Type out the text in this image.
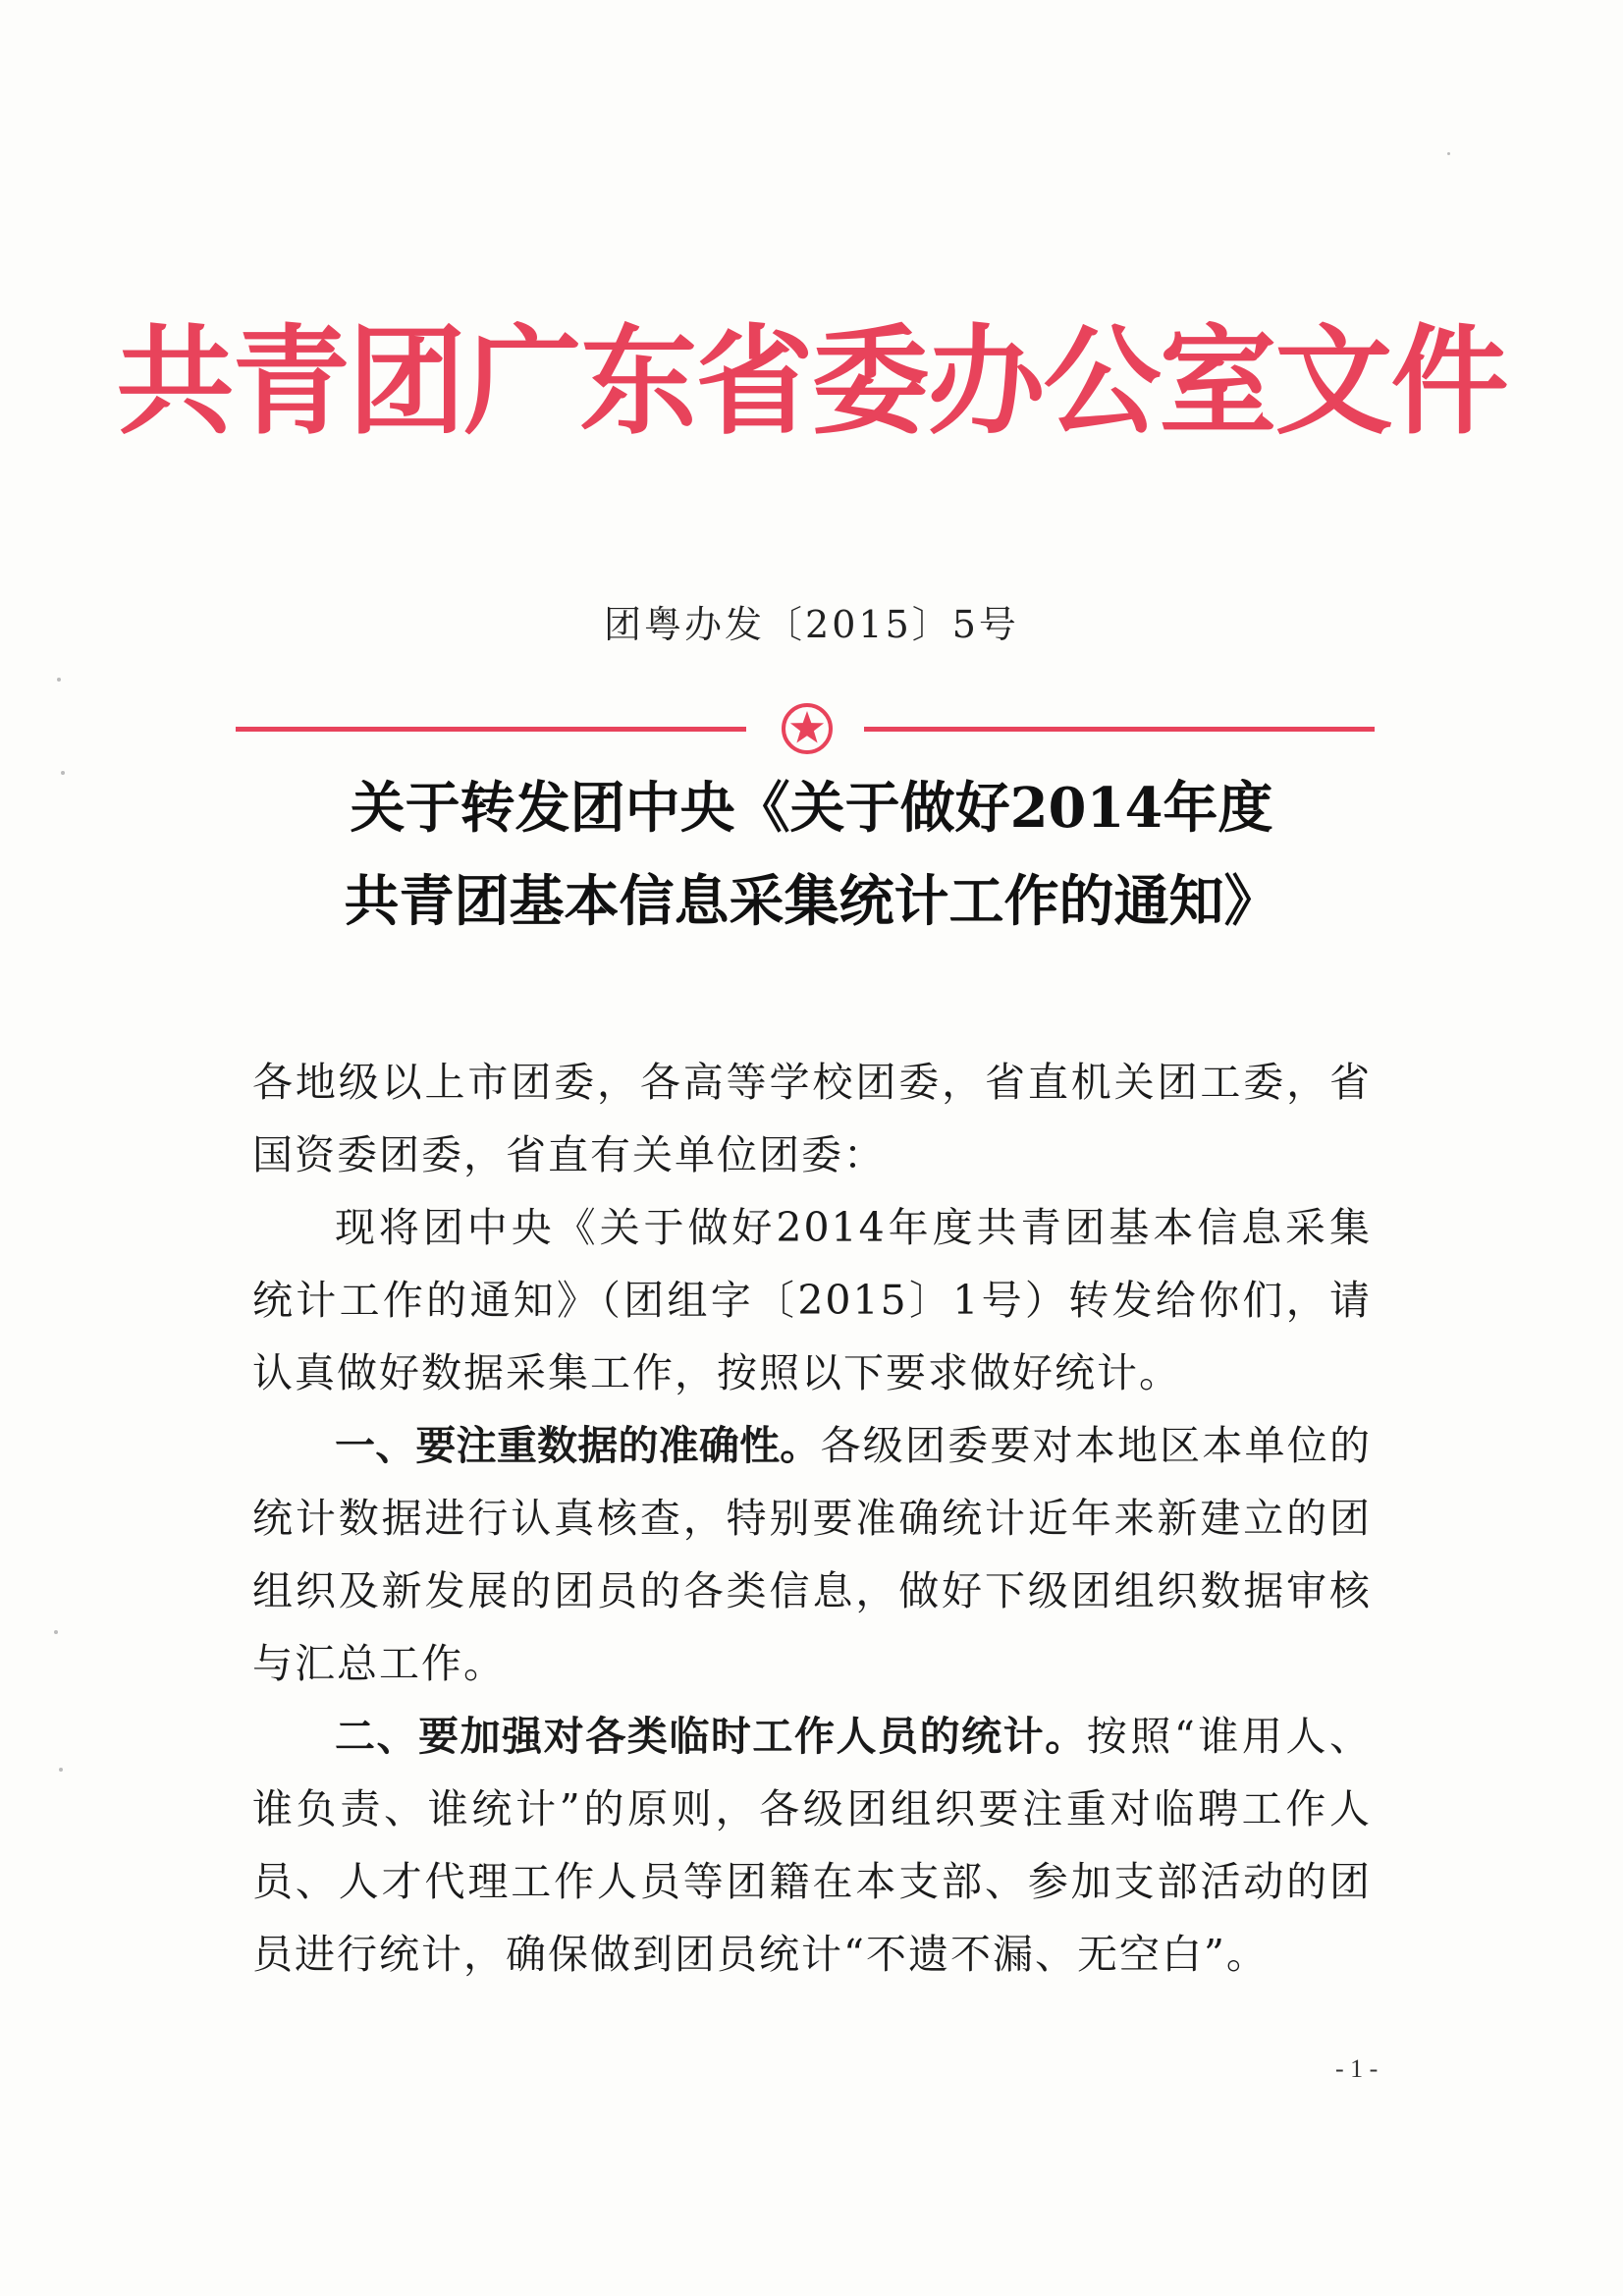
共青团广东省委办公室文件
团粤办发〔2015〕5号
关于转发团中央《关于做好2014年度
共青团基本信息采集统计工作的通知》

各地级以上市团委，各高等学校团委，省直机关团工委，省国资委团委，省直有关单位团委：

现将团中央《关于做好2014年度共青团基本信息采集统计工作的通知》（团组字〔2015〕1号）转发给你们，请认真做好数据采集工作，按照以下要求做好统计。

一、要注重数据的准确性。各级团委要对本地区本单位的统计数据进行认真核查，特别要准确统计近年来新建立的团组织及新发展的团员的各类信息，做好下级团组织数据审核与汇总工作。

二、要加强对各类临时工作人员的统计。按照“谁用人、谁负责、谁统计”的原则，各级团组织要注重对临聘工作人员、人才代理工作人员等团籍在本支部、参加支部活动的团员进行统计，确保做到团员统计“不遗不漏、无空白”。

- 1 -
